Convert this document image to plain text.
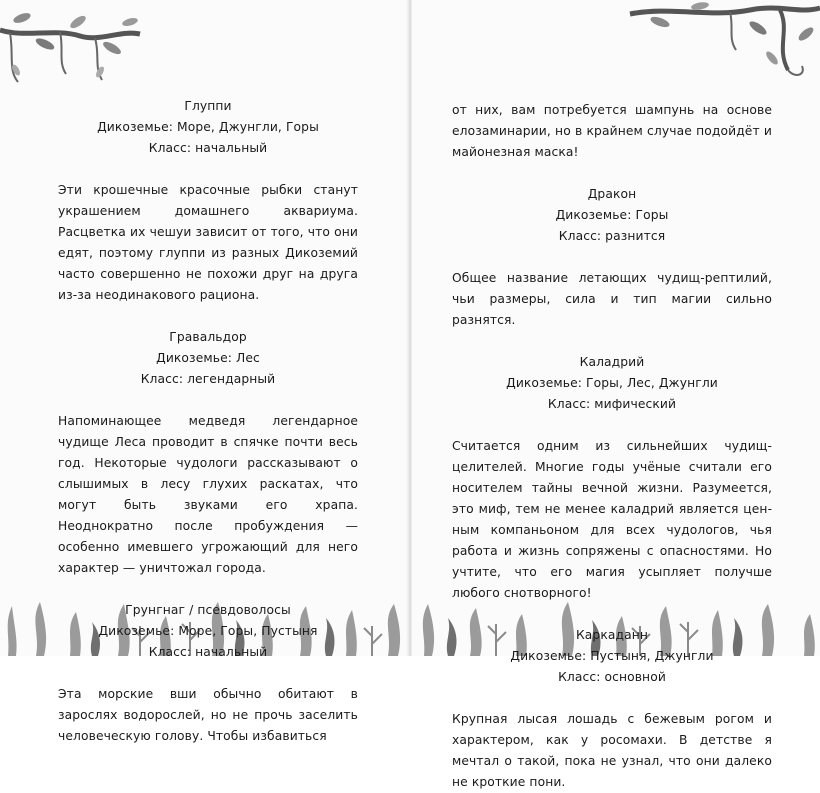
Глуппи
Дикоземье: Море, Джунгли, Горы
Класс: начальный
Эти крошечные красочные рыбки станут украшением домашнего аквариума. Расцветка их чешуи зависит от того, что они едят, поэтому глуппи из разных Дикоземий часто совершенно не похожи друг на друга из-за неодинакового рациона.
Гравальдор
Дикоземье: Лес
Класс: легендарный
Напоминающее медведя легендарное чудище Леса проводит в спячке почти весь год. Некоторые чудологи рассказывают о слышимых в лесу глухих раскатах, что могут быть звуками его храпа. Неоднократно после пробуждения — особенно имевшего угрожающий для него характер — уничтожал города.
Грунгнаг / псевдоволосы
Дикоземье: Море, Горы, Пустыня
Класс: начальный
Эта морские вши обычно обитают в зарослях водорослей, но не прочь заселить человеческую голову. Чтобы избавиться
от них, вам потребуется шампунь на основе елозаминарии, но в крайнем случае подойдёт и майонезная маска!
Дракон
Дикоземье: Горы
Класс: разнится
Общее название летающих чудищ-рептилий, чьи размеры, сила и тип магии сильно разнятся.
Каладрий
Дикоземье: Горы, Лес, Джунгли
Класс: мифический
Считается одним из сильнейших чудищ-целителей. Многие годы учёные считали его носителем тайны вечной жизни. Разумеется, это миф, тем не менее каладрий является ценным компаньоном для всех чудологов, чья работа и жизнь сопряжены с опасностями. Но учтите, что его магия усыпляет получше любого снотворного!
Каркаданн
Дикоземье: Пустыня, Джунгли
Класс: основной
Крупная лысая лошадь с бежевым рогом и характером, как у росомахи. В детстве я мечтал о такой, пока не узнал, что они далеко не кроткие пони.
